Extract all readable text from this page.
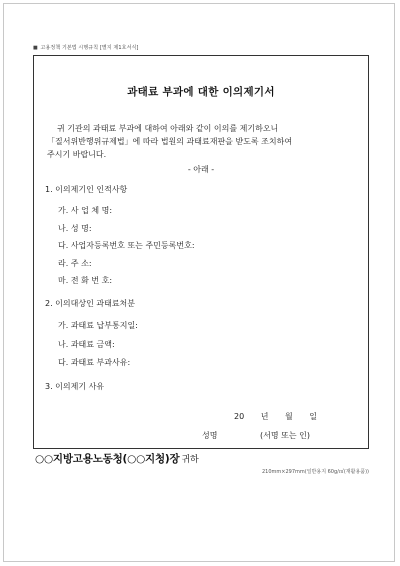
■ 고용정책 기본법 시행규칙 [별지 제1호서식]
과태료 부과에 대한 이의제기서
귀 기관의 과태료 부과에 대하여 아래와 같이 이의를 제기하오니
「질서위반행위규제법」에 따라 법원의 과태료재판을 받도록 조치하여
주시기 바랍니다.
- 아래 -
1. 이의제기인 인적사항
가. 사 업 체 명:
나. 성 명:
다. 사업자등록번호 또는 주민등록번호:
라. 주 소:
마. 전 화 번 호:
2. 이의대상인 과태료처분
가. 과태료 납부통지일:
나. 과태료 금액:
다. 과태료 부과사유:
3. 이의제기 사유
20 년 월 일
성명	(서명 또는 인)
○○지방고용노동청(○○지청)장 귀하
210mm×297mm(일반용지 60g/㎡(재활용품))
